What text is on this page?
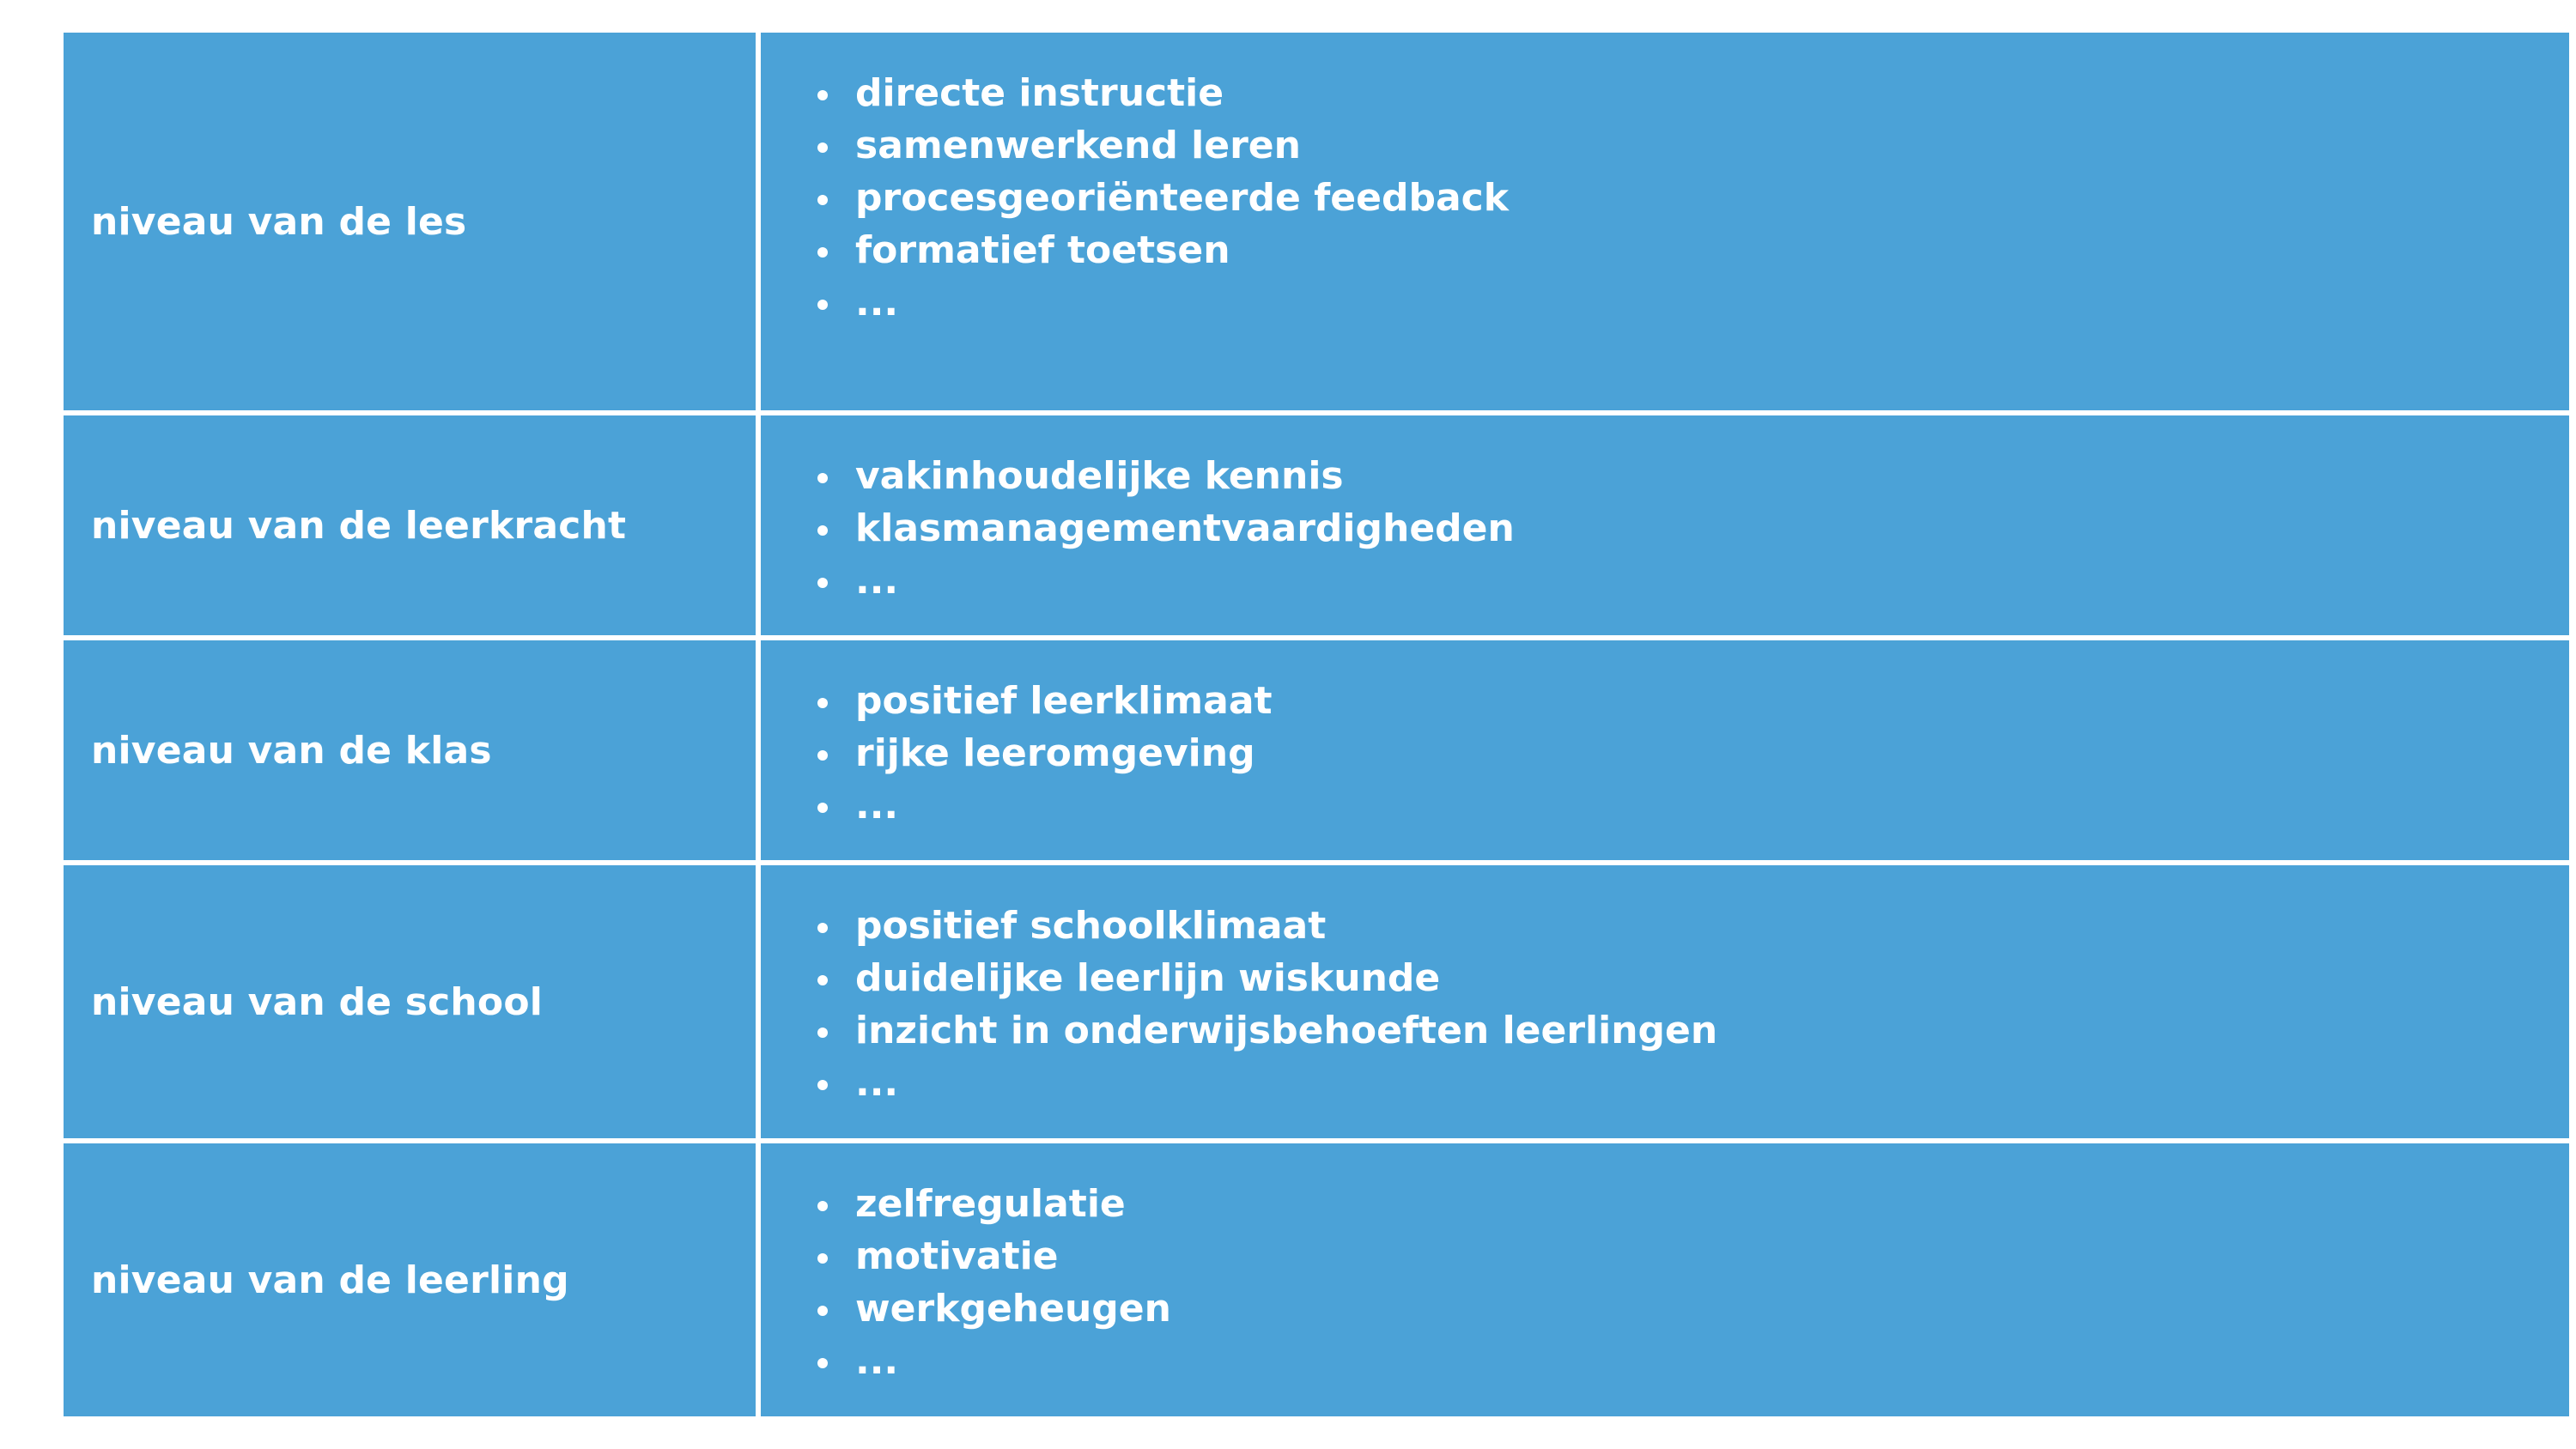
niveau van de les
directe instructie
samenwerkend leren
procesgeoriënteerde feedback
formatief toetsen
...
niveau van de leerkracht
vakinhoudelijke kennis
klasmanagementvaardigheden
...
niveau van de klas
positief leerklimaat
rijke leeromgeving
...
niveau van de school
positief schoolklimaat
duidelijke leerlijn wiskunde
inzicht in onderwijsbehoeften leerlingen
...
niveau van de leerling
zelfregulatie
motivatie
werkgeheugen
...
